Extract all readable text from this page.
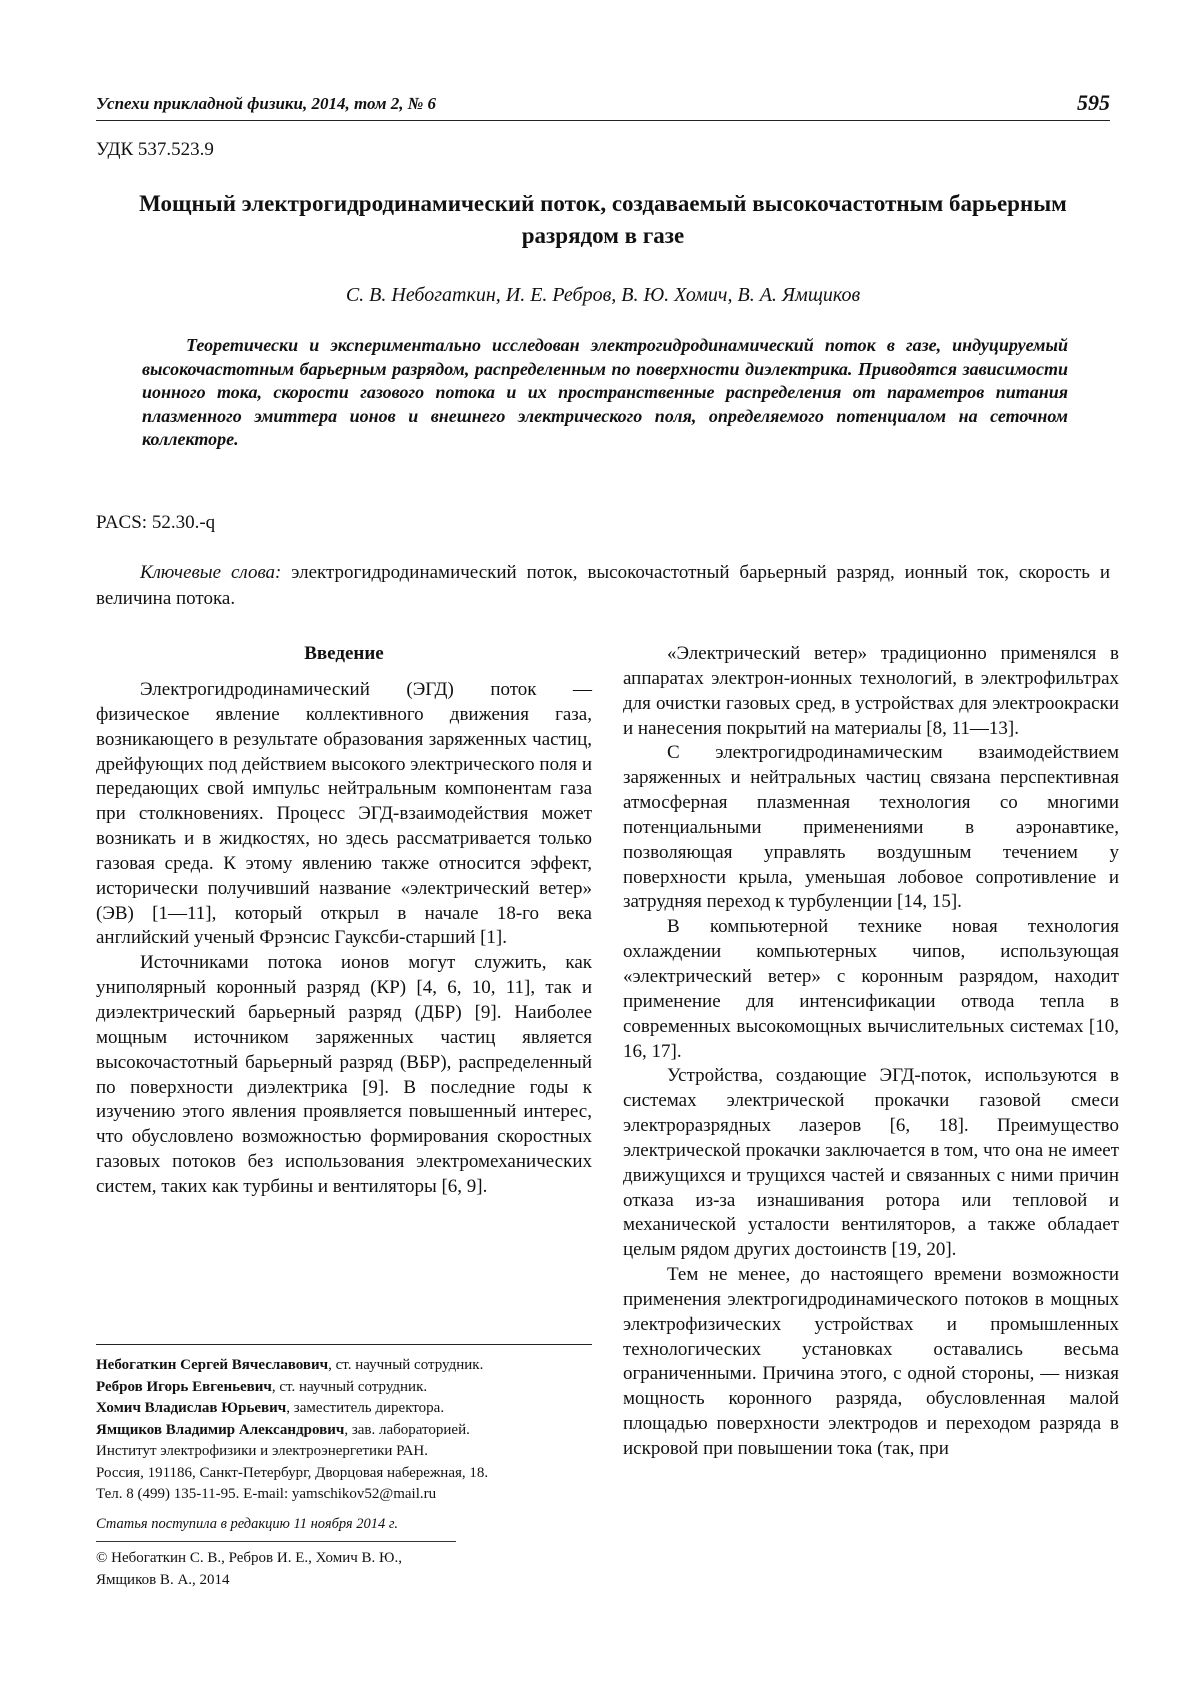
Успехи прикладной физики, 2014, том 2, № 6	595
УДК 537.523.9
Мощный электрогидродинамический поток, создаваемый высокочастотным барьерным разрядом в газе
С. В. Небогаткин, И. Е. Ребров, В. Ю. Хомич, В. А. Ямщиков
Теоретически и экспериментально исследован электрогидродинамический поток в газе, индуцируемый высокочастотным барьерным разрядом, распределенным по поверхности диэлектрика. Приводятся зависимости ионного тока, скорости газового потока и их пространственные распределения от параметров питания плазменного эмиттера ионов и внешнего электрического поля, определяемого потенциалом на сеточном коллекторе.
PACS: 52.30.-q
Ключевые слова: электрогидродинамический поток, высокочастотный барьерный разряд, ионный ток, скорость и величина потока.
Введение

Электрогидродинамический (ЭГД) поток — физическое явление коллективного движения газа, возникающего в результате образования заряженных частиц, дрейфующих под действием высокого электрического поля и передающих свой импульс нейтральным компонентам газа при столкновениях. Процесс ЭГД-взаимодействия может возникать и в жидкостях, но здесь рассматривается только газовая среда. К этому явлению также относится эффект, исторически получивший название «электрический ветер» (ЭВ) [1—11], который открыл в начале 18-го века английский ученый Фрэнсис Гауксби-старший [1].

Источниками потока ионов могут служить, как униполярный коронный разряд (КР) [4, 6, 10, 11], так и диэлектрический барьерный разряд (ДБР) [9]. Наиболее мощным источником заряженных частиц является высокочастотный барьерный разряд (ВБР), распределенный по поверхности диэлектрика [9]. В последние годы к изучению этого явления проявляется повышенный интерес, что обусловлено возможностью формирования скоростных газовых потоков без использования электромеханических систем, таких как турбины и вентиляторы [6, 9].

«Электрический ветер» традиционно применялся в аппаратах электрон-ионных технологий, в электрофильтрах для очистки газовых сред, в устройствах для электроокраски и нанесения покрытий на материалы [8, 11—13].

С электрогидродинамическим взаимодействием заряженных и нейтральных частиц связана перспективная атмосферная плазменная технология со многими потенциальными применениями в аэронавтике, позволяющая управлять воздушным течением у поверхности крыла, уменьшая лобовое сопротивление и затрудняя переход к турбуленции [14, 15].

В компьютерной технике новая технология охлаждении компьютерных чипов, использующая «электрический ветер» с коронным разрядом, находит применение для интенсификации отвода тепла в современных высокомощных вычислительных системах [10, 16, 17].

Устройства, создающие ЭГД-поток, используются в системах электрической прокачки газовой смеси электроразрядных лазеров [6, 18]. Преимущество электрической прокачки заключается в том, что она не имеет движущихся и трущихся частей и связанных с ними причин отказа из-за изнашивания ротора или тепловой и механической усталости вентиляторов, а также обладает целым рядом других достоинств [19, 20].

Тем не менее, до настоящего времени возможности применения электрогидродинамического потоков в мощных электрофизических устройствах и промышленных технологических установках оставались весьма ограниченными. Причина этого, с одной стороны, — низкая мощность коронного разряда, обусловленная малой площадью поверхности электродов и переходом разряда в искровой при повышении тока (так, при

Небогаткин Сергей Вячеславович, ст. научный сотрудник.
Ребров Игорь Евгеньевич, ст. научный сотрудник.
Хомич Владислав Юрьевич, заместитель директора.
Ямщиков Владимир Александрович, зав. лабораторией.
Институт электрофизики и электроэнергетики РАН.
Россия, 191186, Санкт-Петербург, Дворцовая набережная, 18.
Тел. 8 (499) 135-11-95. E-mail: yamschikov52@mail.ru
Статья поступила в редакцию 11 ноября 2014 г.
© Небогаткин С. В., Ребров И. Е., Хомич В. Ю.,
Ямщиков В. А., 2014
